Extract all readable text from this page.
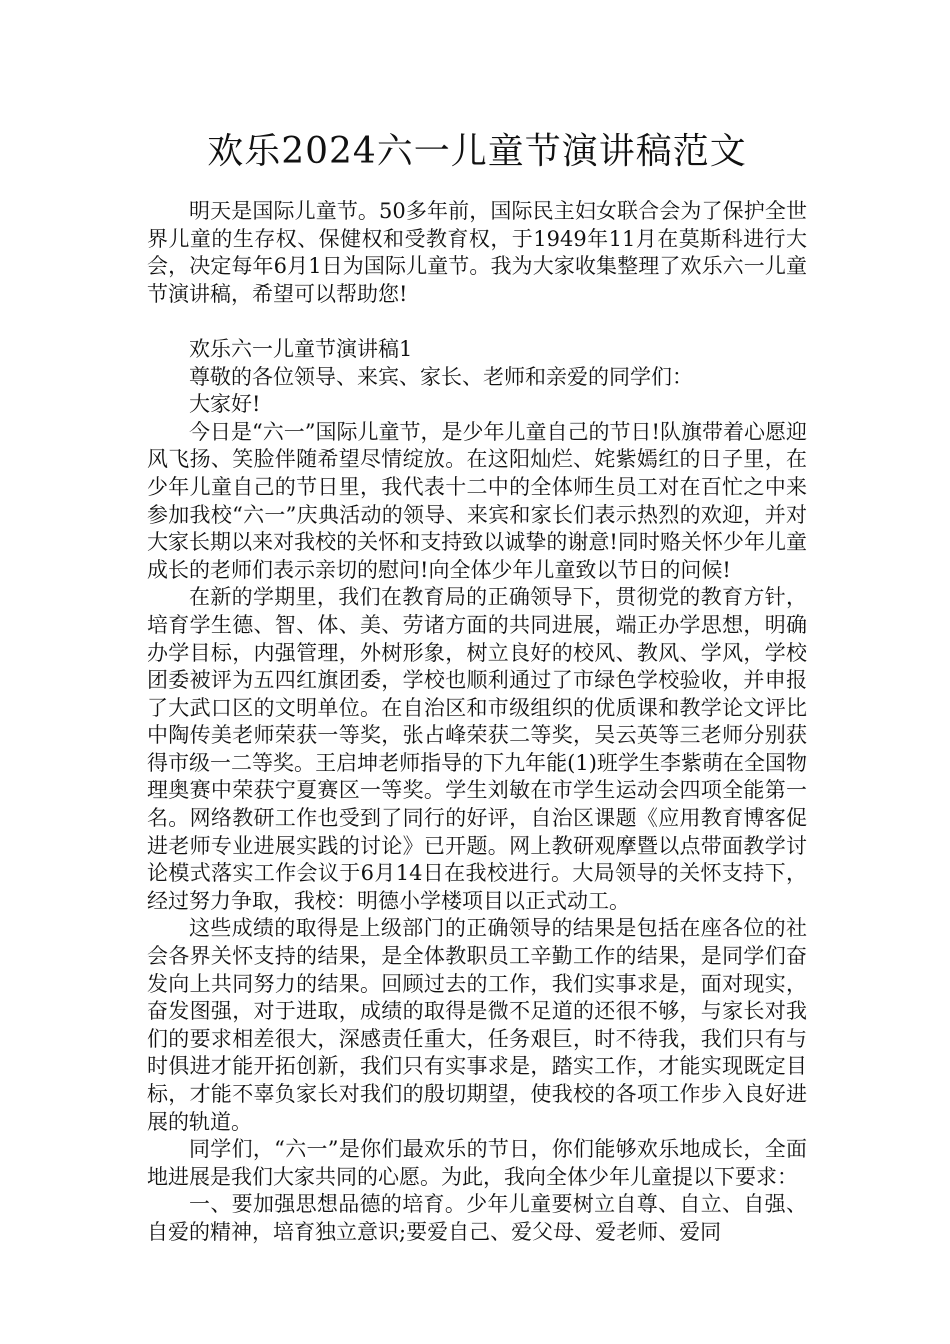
欢乐2024六一儿童节演讲稿范文

明天是国际儿童节。50多年前，国际民主妇女联合会为了保护全世界儿童的生存权、保健权和受教育权，于1949年11月在莫斯科进行大会，决定每年6月1日为国际儿童节。我为大家收集整理了欢乐六一儿童节演讲稿，希望可以帮助您!

欢乐六一儿童节演讲稿1

尊敬的各位领导、来宾、家长、老师和亲爱的同学们：

大家好!

今日是“六一”国际儿童节，是少年儿童自己的节日!队旗带着心愿迎风飞扬、笑脸伴随希望尽情绽放。在这阳灿烂、姹紫嫣红的日子里，在少年儿童自己的节日里，我代表十二中的全体师生员工对在百忙之中来参加我校“六一”庆典活动的领导、来宾和家长们表示热烈的欢迎，并对大家长期以来对我校的关怀和支持致以诚挚的谢意!同时赂关怀少年儿童成长的老师们表示亲切的慰问!向全体少年儿童致以节日的问候!

在新的学期里，我们在教育局的正确领导下，贯彻党的教育方针，培育学生德、智、体、美、劳诸方面的共同进展，端正办学思想，明确办学目标，内强管理，外树形象，树立良好的校风、教风、学风，学校团委被评为五四红旗团委，学校也顺利通过了市绿色学校验收，并申报了大武口区的文明单位。在自治区和市级组织的优质课和教学论文评比中陶传美老师荣获一等奖，张占峰荣获二等奖，吴云英等三老师分别获得市级一二等奖。王启坤老师指导的下九年能(1)班学生李紫萌在全国物理奥赛中荣获宁夏赛区一等奖。学生刘敏在市学生运动会四项全能第一名。网络教研工作也受到了同行的好评，自治区课题《应用教育博客促进老师专业进展实践的讨论》已开题。网上教研观摩暨以点带面教学讨论模式落实工作会议于6月14日在我校进行。大局领导的关怀支持下，经过努力争取，我校：明德小学楼项目以正式动工。

这些成绩的取得是上级部门的正确领导的结果是包括在座各位的社会各界关怀支持的结果，是全体教职员工辛勤工作的结果，是同学们奋发向上共同努力的结果。回顾过去的工作，我们实事求是，面对现实，奋发图强，对于进取，成绩的取得是微不足道的还很不够，与家长对我们的要求相差很大，深感责任重大，任务艰巨，时不待我，我们只有与时俱进才能开拓创新，我们只有实事求是，踏实工作，才能实现既定目标，才能不辜负家长对我们的殷切期望，使我校的各项工作步入良好进展的轨道。

同学们，“六一”是你们最欢乐的节日，你们能够欢乐地成长，全面地进展是我们大家共同的心愿。为此，我向全体少年儿童提以下要求：

一、要加强思想品德的培育。少年儿童要树立自尊、自立、自强、自爱的精神，培育独立意识;要爱自己、爱父母、爱老师、爱同
